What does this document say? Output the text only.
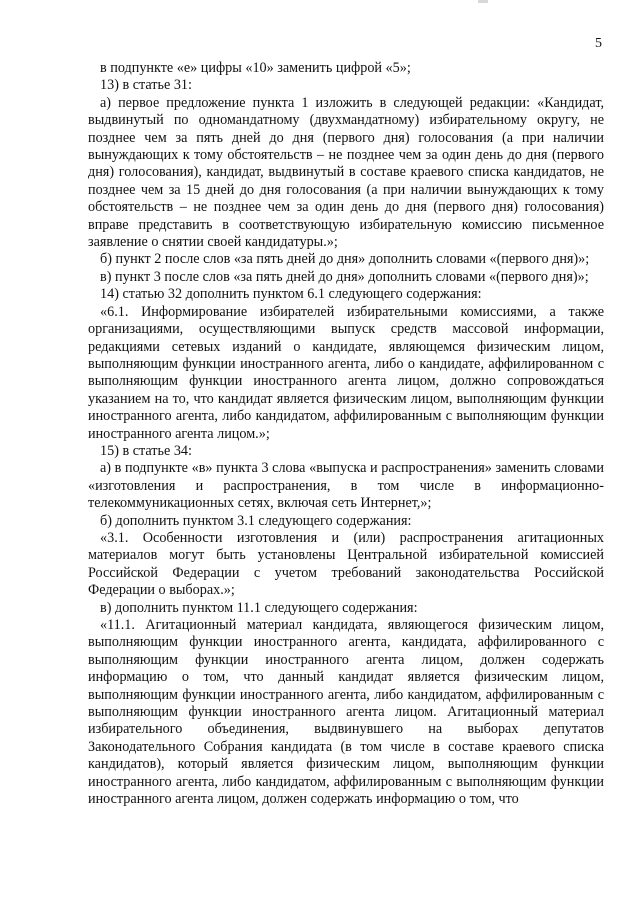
5

в подпункте «е» цифры «10» заменить цифрой «5»;

13) в статье 31:

а) первое предложение пункта 1 изложить в следующей редакции: «Кандидат, выдвинутый по одномандатному (двухмандатному) избирательному округу, не позднее чем за пять дней до дня (первого дня) голосования (а при наличии вынуждающих к тому обстоятельств – не позднее чем за один день до дня (первого дня) голосования), кандидат, выдвинутый в составе краевого списка кандидатов, не позднее чем за 15 дней до дня голосования (а при наличии вынуждающих к тому обстоятельств – не позднее чем за один день до дня (первого дня) голосования) вправе представить в соответствующую избирательную комиссию письменное заявление о снятии своей кандидатуры.»;

б) пункт 2 после слов «за пять дней до дня» дополнить словами «(первого дня)»;

в) пункт 3 после слов «за пять дней до дня» дополнить словами «(первого дня)»;

14) статью 32 дополнить пунктом 6.1 следующего содержания:

«6.1. Информирование избирателей избирательными комиссиями, а также организациями, осуществляющими выпуск средств массовой информации, редакциями сетевых изданий о кандидате, являющемся физическим лицом, выполняющим функции иностранного агента, либо о кандидате, аффилированном с выполняющим функции иностранного агента лицом, должно сопровождаться указанием на то, что кандидат является физическим лицом, выполняющим функции иностранного агента, либо кандидатом, аффилированным с выполняющим функции иностранного агента лицом.»;

15) в статье 34:

а) в подпункте «в» пункта 3 слова «выпуска и распространения» заменить словами «изготовления и распространения, в том числе в информационно-телекоммуникационных сетях, включая сеть Интернет,»;

б) дополнить пунктом 3.1 следующего содержания:

«3.1. Особенности изготовления и (или) распространения агитационных материалов могут быть установлены Центральной избирательной комиссией Российской Федерации с учетом требований законодательства Российской Федерации о выборах.»;

в) дополнить пунктом 11.1 следующего содержания:

«11.1. Агитационный материал кандидата, являющегося физическим лицом, выполняющим функции иностранного агента, кандидата, аффилированного с выполняющим функции иностранного агента лицом, должен содержать информацию о том, что данный кандидат является физическим лицом, выполняющим функции иностранного агента, либо кандидатом, аффилированным с выполняющим функции иностранного агента лицом. Агитационный материал избирательного объединения, выдвинувшего на выборах депутатов Законодательного Собрания кандидата (в том числе в составе краевого списка кандидатов), который является физическим лицом, выполняющим функции иностранного агента, либо кандидатом, аффилированным с выполняющим функции иностранного агента лицом, должен содержать информацию о том, что
